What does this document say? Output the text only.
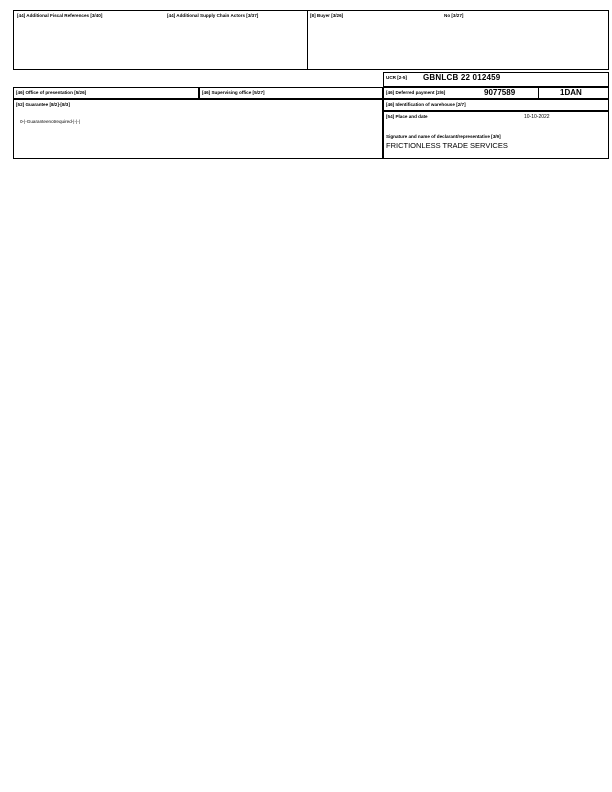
[44] Additional Fiscal References [3/40]	[44] Additional Supply Chain Actors [3/37]	[8] Buyer [3/26]	No [3/27]
UCR [2-5] GBNLCB 22 012459
[46] Office of presentation [5/26]	[46] Supervising office [5/27]	[46] Deferred payment [2/6]	9077589	1DAN
[52] Guarantee [8/2]-[8/3]
0-|-Guaranteenotrequired-|-|-|
[46] Identification of warehouse [2/7]
[54] Place and date	10-10-2022
Signature and name of declarant/representative [3/9]
FRICTIONLESS TRADE SERVICES
